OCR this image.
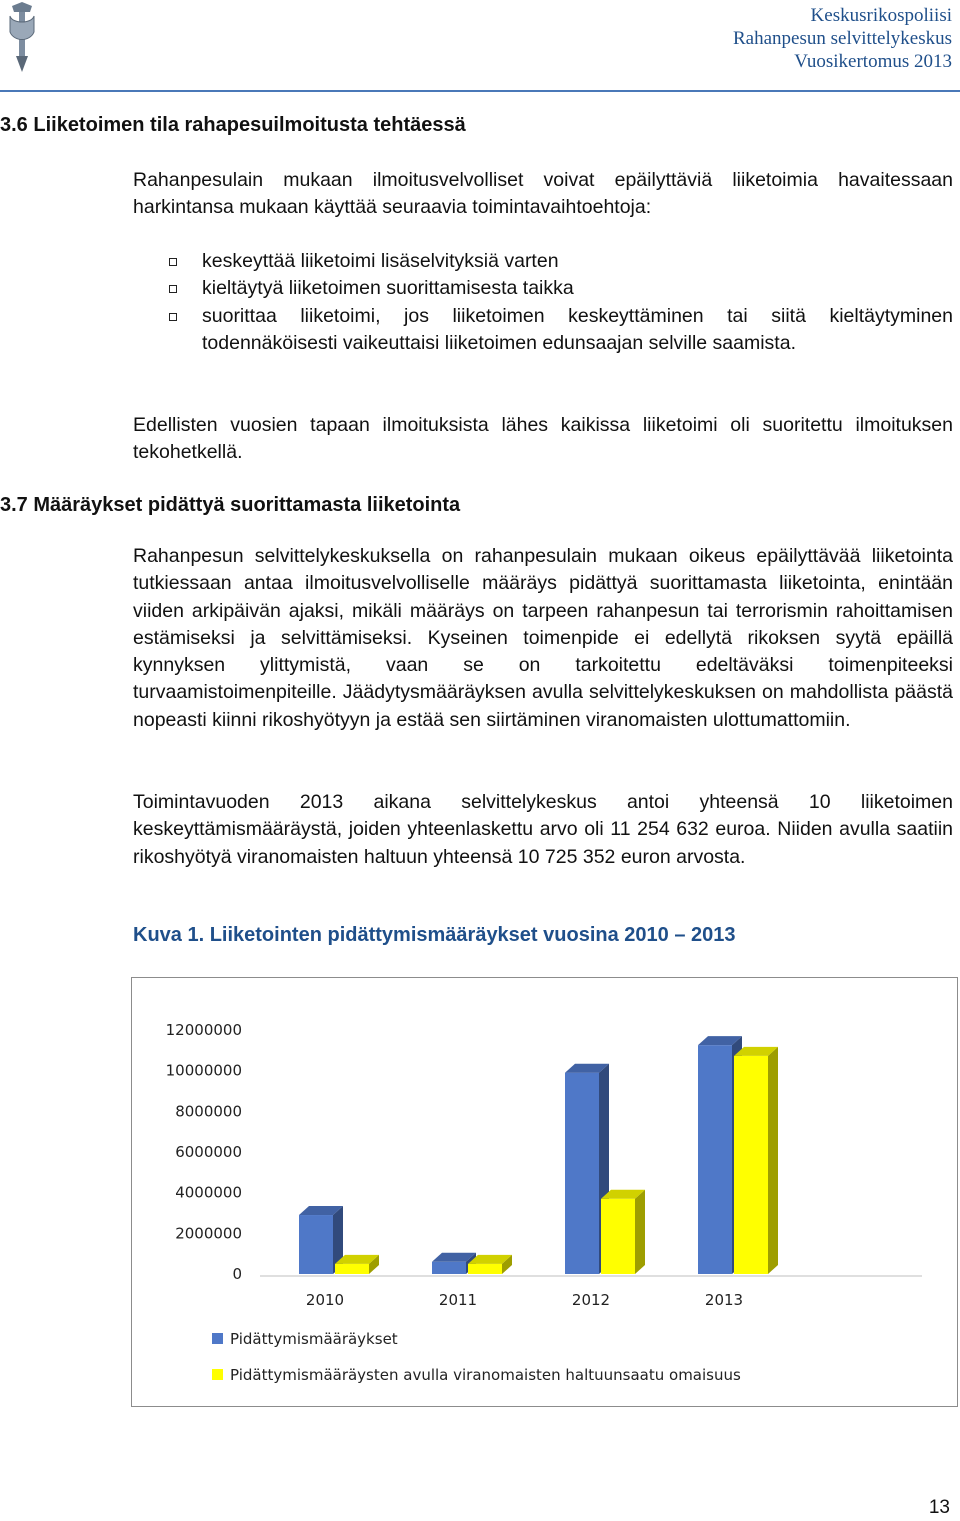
Keskusrikospoliisi
Rahanpesun selvittelykeskus
Vuosikertomus 2013
3.6 Liiketoimen tila rahapesuilmoitusta tehtäessä

Rahanpesulain mukaan ilmoitusvelvolliset voivat epäilyttäviä liiketoimia havaitessaan harkintansa mukaan käyttää seuraavia toimintavaihtoehtoja:

keskeyttää liiketoimi lisäselvityksiä varten
kieltäytyä liiketoimen suorittamisesta taikka
suorittaa liiketoimi, jos liiketoimen keskeyttäminen tai siitä kieltäytyminen todennäköisesti vaikeuttaisi liiketoimen edunsaajan selville saamista.

Edellisten vuosien tapaan ilmoituksista lähes kaikissa liiketoimi oli suoritettu ilmoituksen tekohetkellä.

3.7 Määräykset pidättyä suorittamasta liiketointa

Rahanpesun selvittelykeskuksella on rahanpesulain mukaan oikeus epäilyttävää liiketointa tutkiessaan antaa ilmoitusvelvolliselle määräys pidättyä suorittamasta liiketointa, enintään viiden arkipäivän ajaksi, mikäli määräys on tarpeen rahanpesun tai terrorismin rahoittamisen estämiseksi ja selvittämiseksi. Kyseinen toimenpide ei edellytä rikoksen syytä epäillä kynnyksen ylittymistä, vaan se on tarkoitettu edeltäväksi toimenpiteeksi turvaamistoimenpiteille. Jäädytysmääräyksen avulla selvittelykeskuksen on mahdollista päästä nopeasti kiinni rikoshyötyyn ja estää sen siirtäminen viranomaisten ulottumattomiin.

Toimintavuoden 2013 aikana selvittelykeskus antoi yhteensä 10 liiketoimen keskeyttämismääräystä, joiden yhteenlaskettu arvo oli 11 254 632 euroa. Niiden avulla saatiin rikoshyötyä viranomaisten haltuun yhteensä 10 725 352 euron arvosta.

Kuva 1. Liiketointen pidättymismääräykset vuosina 2010 – 2013
12000000
10000000
8000000
6000000
4000000
2000000
0
2010	2011	2012	2013
Pidättymismääräykset
Pidättymismääräysten avulla viranomaisten haltuunsaatu omaisuus
13
